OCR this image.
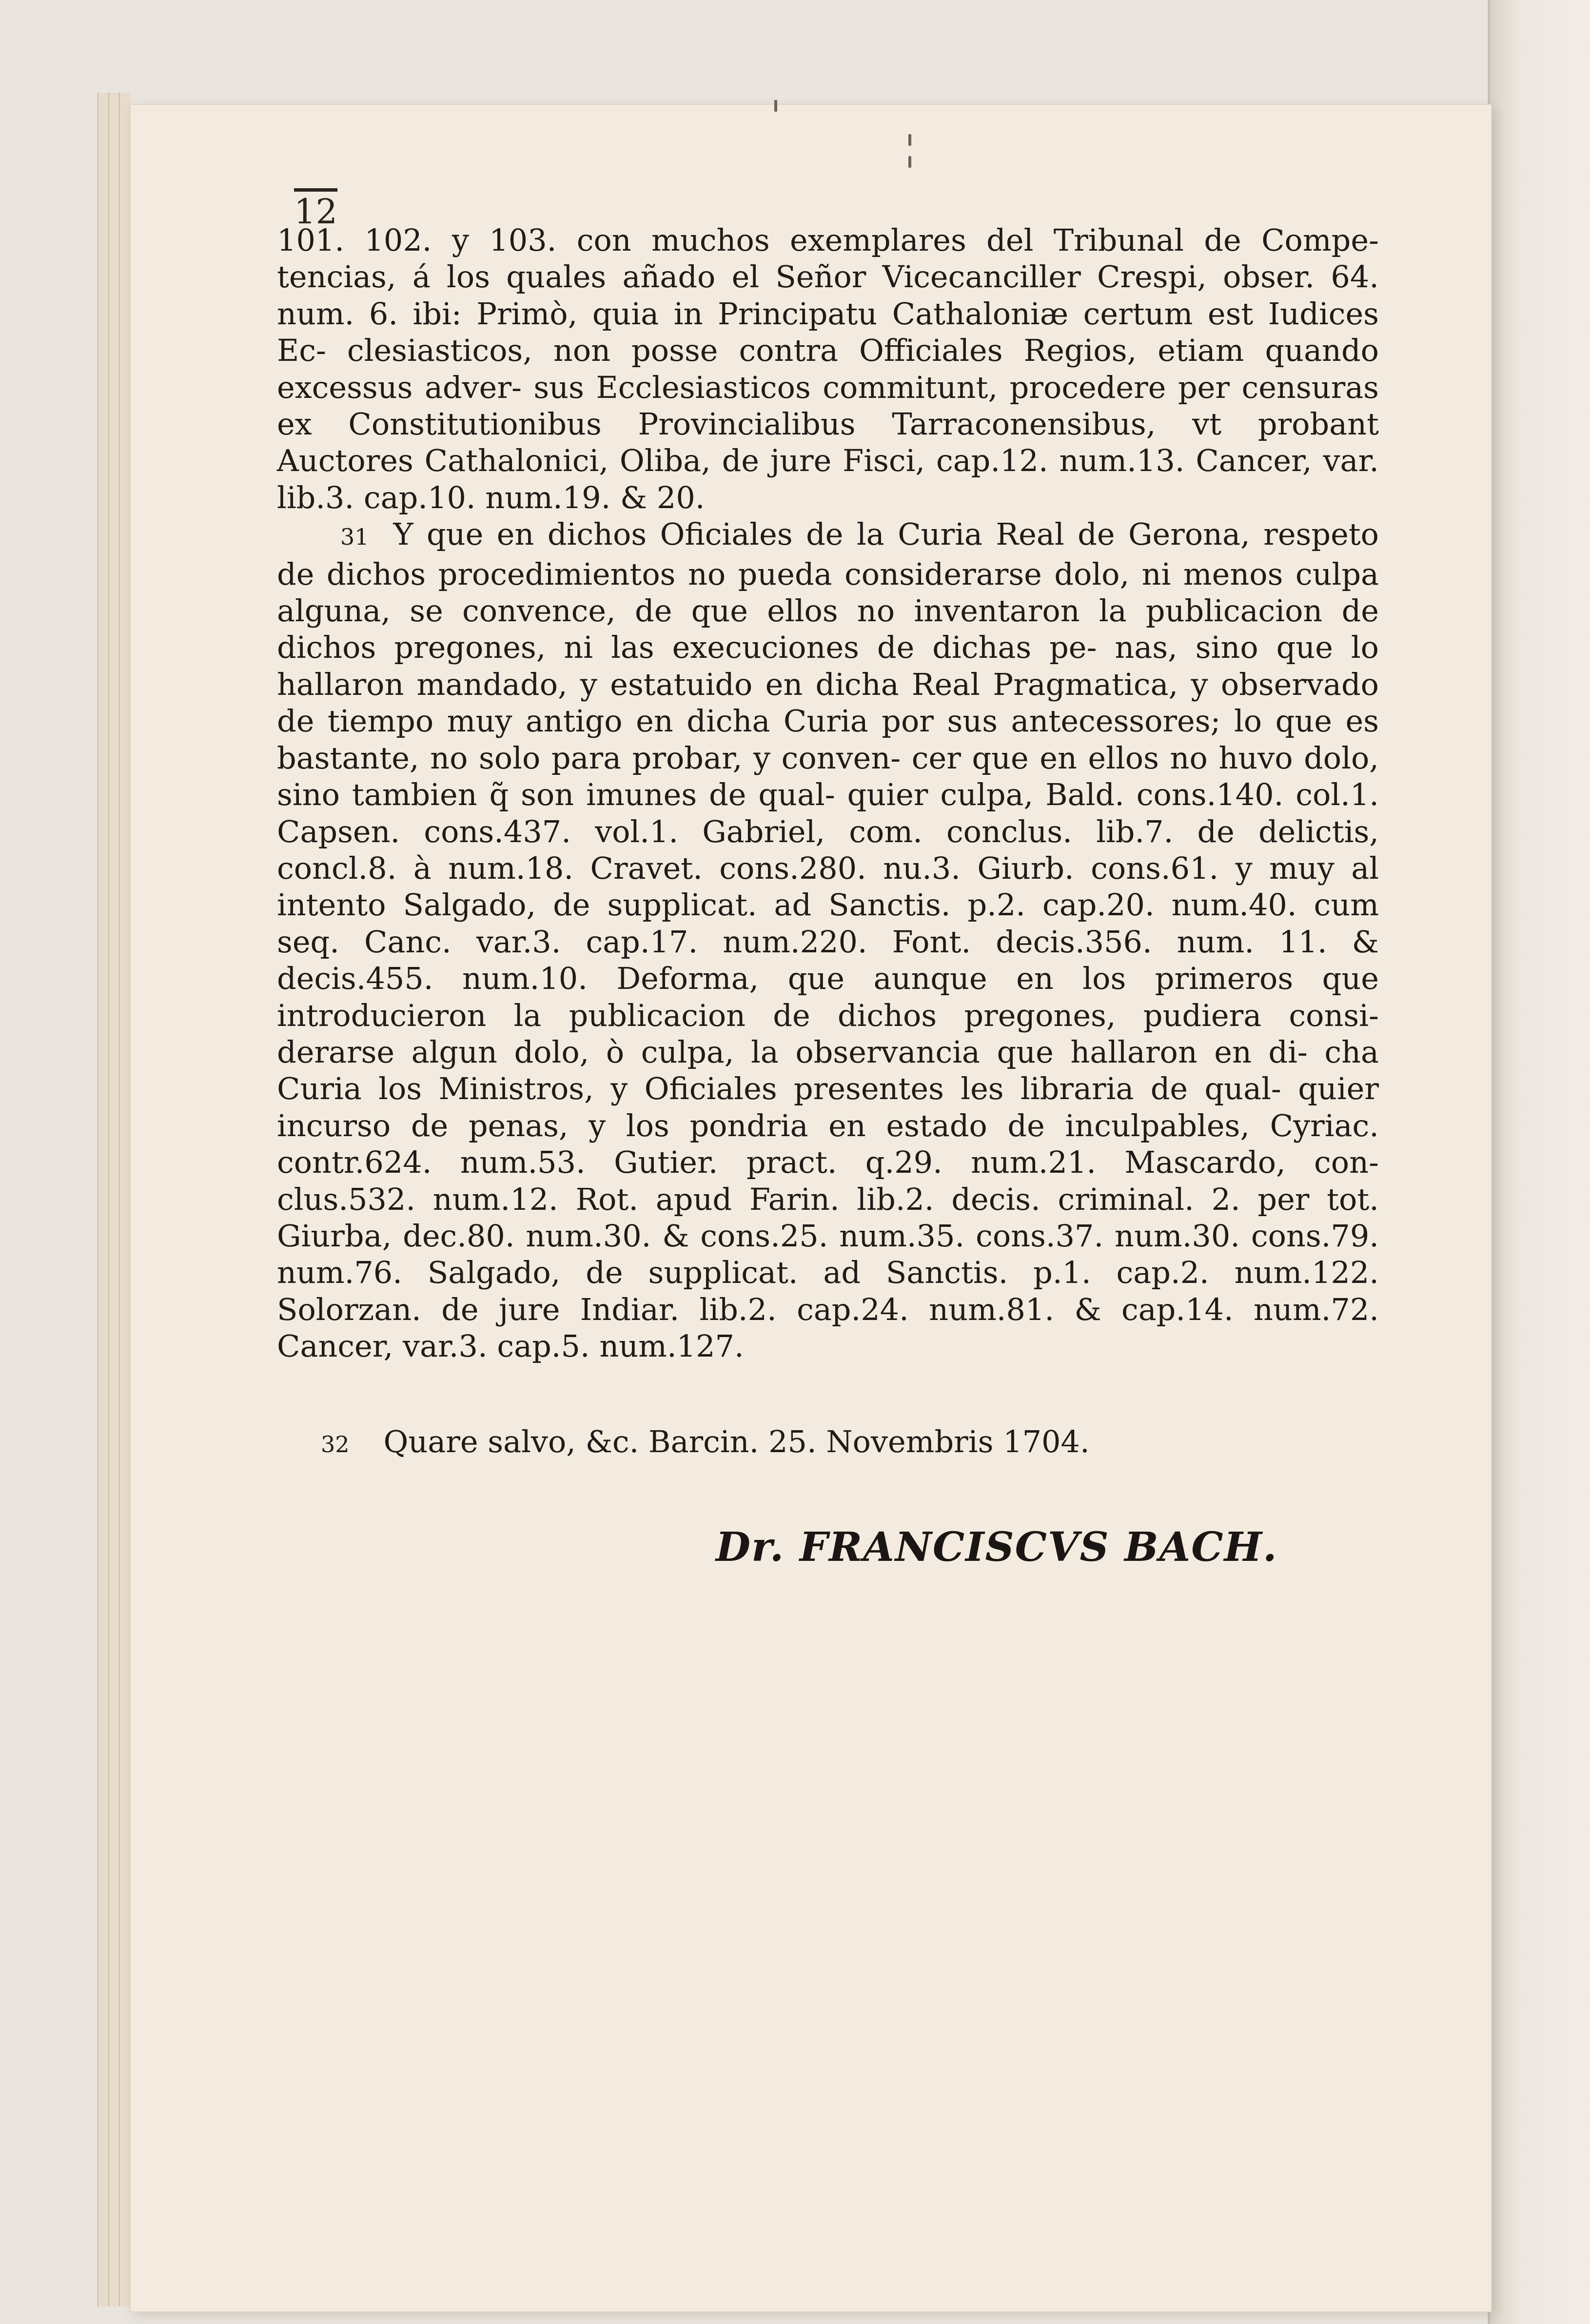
12

101. 102. y 103. con muchos exemplares del Tribunal de Compe- tencias, á los quales añado el Señor Vicecanciller Crespi, obser. 64. num. 6. ibi: Primò, quia in Principatu Cathaloniæ certum est Iudices Ec- clesiasticos, non posse contra Officiales Regios, etiam quando excessus adver- sus Ecclesiasticos commitunt, procedere per censuras ex Constitutionibus Provincialibus Tarraconensibus, vt probant Auctores Cathalonici, Oliba, de jure Fisci, cap.12. num.13. Cancer, var. lib.3. cap.10. num.19. & 20.

31 Y que en dichos Oficiales de la Curia Real de Gerona, respeto de dichos procedimientos no pueda considerarse dolo, ni menos culpa alguna, se convence, de que ellos no inventaron la publicacion de dichos pregones, ni las execuciones de dichas pe- nas, sino que lo hallaron mandado, y estatuido en dicha Real Pragmatica, y observado de tiempo muy antigo en dicha Curia por sus antecessores; lo que es bastante, no solo para probar, y conven- cer que en ellos no huvo dolo, sino tambien q̃ son imunes de qual- quier culpa, Bald. cons.140. col.1. Capsen. cons.437. vol.1. Gabriel, com. conclus. lib.7. de delictis, concl.8. à num.18. Cravet. cons.280. nu.3. Giurb. cons.61. y muy al intento Salgado, de supplicat. ad Sanctis. p.2. cap.20. num.40. cum seq. Canc. var.3. cap.17. num.220. Font. decis.356. num. 11. & decis.455. num.10. Deforma, que aunque en los primeros que introducieron la publicacion de dichos pregones, pudiera consi- derarse algun dolo, ò culpa, la observancia que hallaron en di- cha Curia los Ministros, y Oficiales presentes les libraria de qual- quier incurso de penas, y los pondria en estado de inculpables, Cyriac. contr.624. num.53. Gutier. pract. q.29. num.21. Mascardo, con- clus.532. num.12. Rot. apud Farin. lib.2. decis. criminal. 2. per tot. Giurba, dec.80. num.30. & cons.25. num.35. cons.37. num.30. cons.79. num.76. Salgado, de supplicat. ad Sanctis. p.1. cap.2. num.122. Solorzan. de jure Indiar. lib.2. cap.24. num.81. & cap.14. num.72. Cancer, var.3. cap.5. num.127.

32 Quare salvo, &c. Barcin. 25. Novembris 1704.
Dr. FRANCISCVS BACH.
